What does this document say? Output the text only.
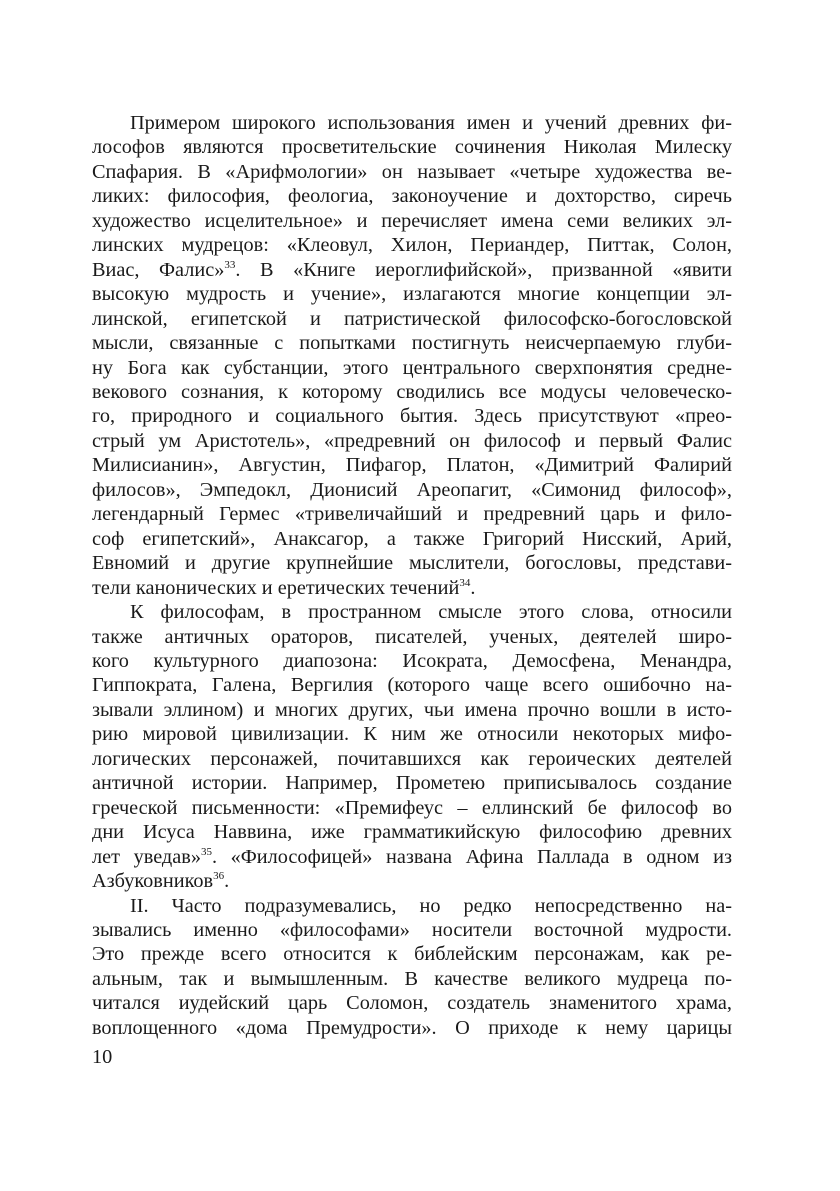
Примером широкого использования имен и учений древних фи-
лософов являются просветительские сочинения Николая Милеску
Спафария. В «Арифмологии» он называет «четыре художества ве-
ликих: философия, феологиа, законоучение и дохторство, сиречь
художество исцелительное» и перечисляет имена семи великих эл-
линских мудрецов: «Клеовул, Хилон, Периандер, Питтак, Солон,
Виас, Фалис»$^{33}$. В «Книге иероглифийской», призванной «явити
высокую мудрость и учение», излагаются многие концепции эл-
линской, египетской и патристической философско-богословской
мысли, связанные с попытками постигнуть неисчерпаемую глуби-
ну Бога как субстанции, этого центрального сверхпонятия средне-
векового сознания, к которому сводились все модусы человеческо-
го, природного и социального бытия. Здесь присутствуют «прео-
стрый ум Аристотель», «предревний он философ и первый Фалис
Милисианин», Августин, Пифагор, Платон, «Димитрий Фалирий
филосов», Эмпедокл, Дионисий Ареопагит, «Симонид философ»,
легендарный Гермес «тривеличайший и предревний царь и фило-
соф египетский», Анаксагор, а также Григорий Нисский, Арий,
Евномий и другие крупнейшие мыслители, богословы, представи-
тели канонических и еретических течений$^{34}$.
К философам, в пространном смысле этого слова, относили
также античных ораторов, писателей, ученых, деятелей широ-
кого культурного диапозона: Исократа, Демосфена, Менандра,
Гиппократа, Галена, Вергилия (которого чаще всего ошибочно на-
зывали эллином) и многих других, чьи имена прочно вошли в исто-
рию мировой цивилизации. К ним же относили некоторых мифо-
логических персонажей, почитавшихся как героических деятелей
античной истории. Например, Прометею приписывалось создание
греческой письменности: «Премифеус – еллинский бе философ во
дни Исуса Наввина, иже грамматикийскую философию древних
лет уведав»$^{35}$. «Философицей» названа Афина Паллада в одном из
Азбуковников$^{36}$.
II. Часто подразумевались, но редко непосредственно на-
зывались именно «философами» носители восточной мудрости.
Это прежде всего относится к библейским персонажам, как ре-
альным, так и вымышленным. В качестве великого мудреца по-
читался иудейский царь Соломон, создатель знаменитого храма,
воплощенного «дома Премудрости». О приходе к нему царицы
10
